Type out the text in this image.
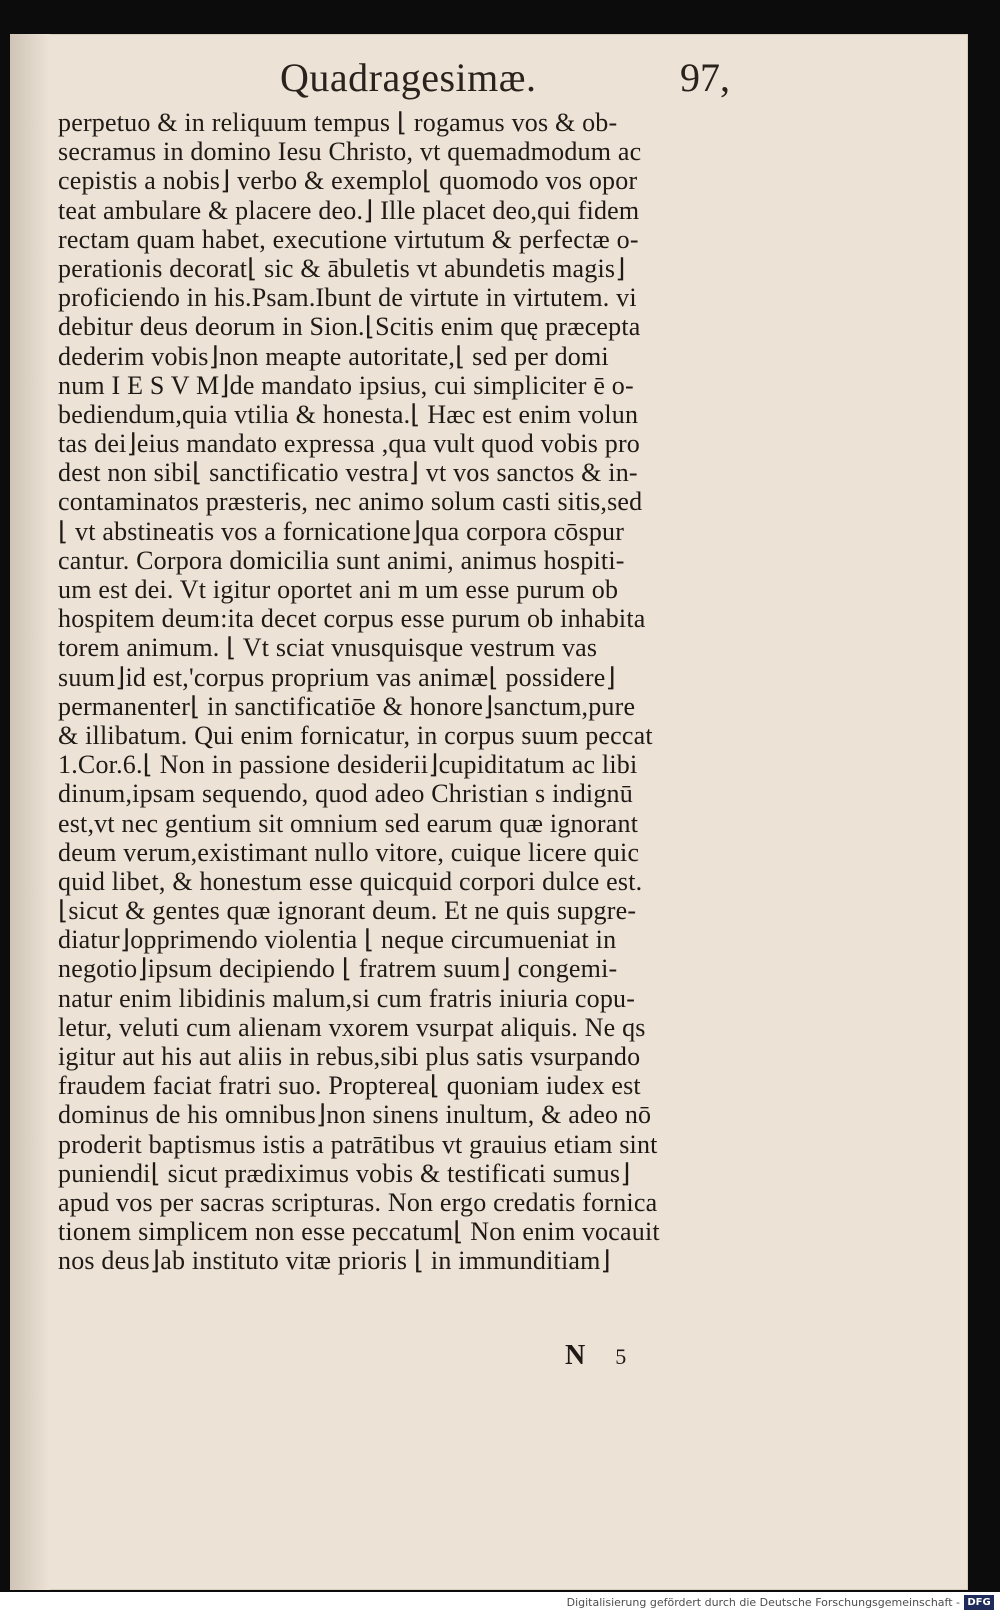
Quadragesimæ.	97,
perpetuo & in reliquum tempus ⌊ rogamus vos & ob-
secramus in domino Iesu Christo, vt quemadmodum ac
cepistis a nobis⌋ verbo & exemplo⌊ quomodo vos opor
teat ambulare & placere deo.⌋ Ille placet deo,qui fidem
rectam quam habet, executione virtutum & perfectæ o-
perationis decorat⌊ sic & ābuletis vt abundetis magis⌋
proficiendo in his.Psam.Ibunt de virtute in virtutem. vi
debitur deus deorum in Sion.⌊Scitis enim quę præcepta
dederim vobis⌋non meapte autoritate,⌊ sed per domi
num I E S V M⌋de mandato ipsius, cui simpliciter ē o-
bediendum,quia vtilia & honesta.⌊ Hæc est enim volun
tas dei⌋eius mandato expressa ,qua vult quod vobis pro
dest non sibi⌊ sanctificatio vestra⌋ vt vos sanctos & in-
contaminatos præsteris, nec animo solum casti sitis,sed
⌊ vt abstineatis vos a fornicatione⌋qua corpora cōspur
cantur. Corpora domicilia sunt animi, animus hospiti-
um est dei. Vt igitur oportet ani m um esse purum ob
hospitem deum:ita decet corpus esse purum ob inhabita
torem animum. ⌊ Vt sciat vnusquisque vestrum vas
suum⌋id est,'corpus proprium vas animæ⌊ possidere⌋
permanenter⌊ in sanctificatiōe & honore⌋sanctum,pure
& illibatum. Qui enim fornicatur, in corpus suum peccat
1.Cor.6.⌊ Non in passione desiderii⌋cupiditatum ac libi
dinum,ipsam sequendo, quod adeo Christian s indignū
est,vt nec gentium sit omnium sed earum quæ ignorant
deum verum,existimant nullo vitore, cuique licere quic
quid libet, & honestum esse quicquid corpori dulce est.
⌊sicut & gentes quæ ignorant deum. Et ne quis supgre-
diatur⌋opprimendo violentia ⌊ neque circumueniat in
negotio⌋ipsum decipiendo ⌊ fratrem suum⌋ congemi-
natur enim libidinis malum,si cum fratris iniuria copu-
letur, veluti cum alienam vxorem vsurpat aliquis. Ne qs
igitur aut his aut aliis in rebus,sibi plus satis vsurpando
fraudem faciat fratri suo. Propterea⌊ quoniam iudex est
dominus de his omnibus⌋non sinens inultum, & adeo nō
proderit baptismus istis a patrātibus vt grauius etiam sint
puniendi⌊ sicut prædiximus vobis & testificati sumus⌋
apud vos per sacras scripturas. Non ergo credatis fornica
tionem simplicem non esse peccatum⌊ Non enim vocauit
nos deus⌋ab instituto vitæ prioris ⌊ in immunditiam⌋
N 5
Digitalisierung gefördert durch die Deutsche Forschungsgemeinschaft - DFG
